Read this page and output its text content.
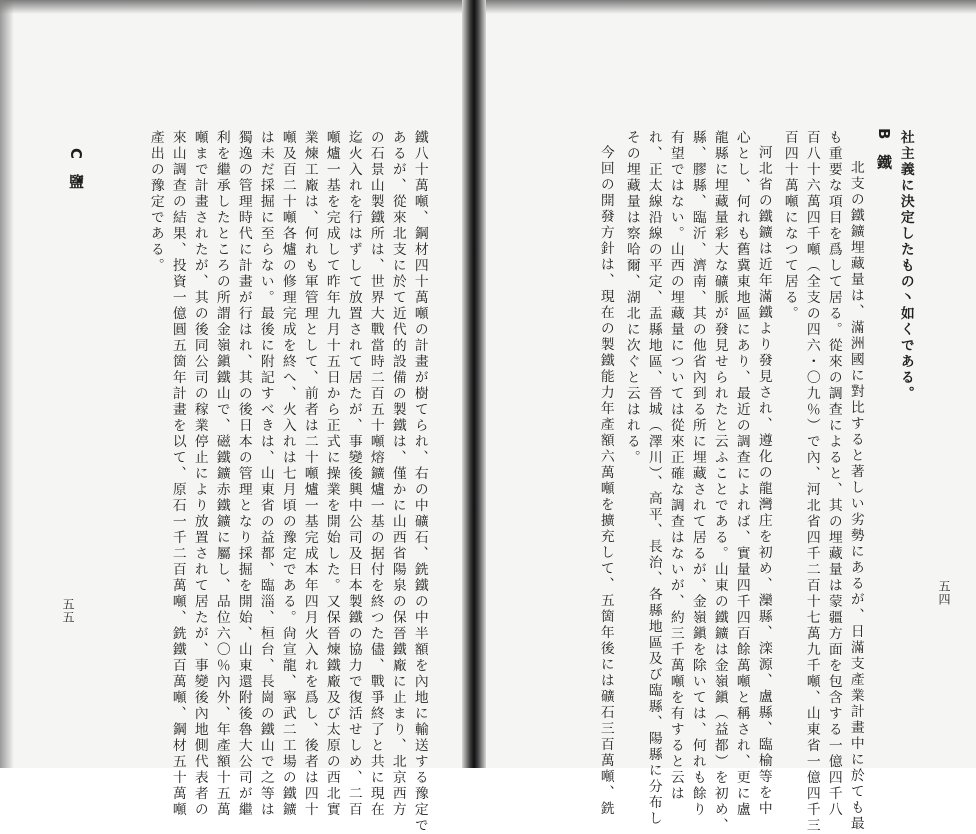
社主義に決定したもの丶如くである。
B　鐵
北支の鐵鑛埋藏量は、滿洲國に對比すると著しい劣勢にあるが、日滿支產業計畫中に於ても最
も重要な項目を爲して居る。從來の調查によると、其の埋藏量は蒙疆方面を包含する一億四千八
百八十六萬四千噸（全支の四六・〇九％）で內、河北省四千二百十七萬九千噸、山東省一億四千三
百四十萬噸になつて居る。
河北省の鐵鑛は近年滿鐵より發見され、遵化の龍灣庄を初め、灤縣、滦源、盧縣、臨榆等を中
心とし、何れも舊冀東地區にあり、最近の調查によれば、實量四千四百餘萬噸と稱され、更に盧
龍縣に埋藏量彩大な礦脈が發見せられたと云ふことである。山東の鐵鑛は金嶺鎭（益都）を初め、
縣、膠縣、臨沂、濟南、其の他省內到る所に埋藏されて居るが、金嶺鎭を除いては、何れも餘り
有望ではない。山西の埋藏量については從來正確な調查はないが、約三千萬噸を有すると云は
れ、正太線沿線の平定、盂縣地區、晉城（澤川）、高平、長治、各縣地區及び臨縣、陽縣に分布し
その埋藏量は察哈爾、湖北に次ぐと云はれる。
今回の開發方針は、現在の製鐵能力年產額六萬噸を擴充して、五箇年後には礦石三百萬噸、銑	五四
鐵八十萬噸、鋼材四十萬噸の計畫が樹てられ、右の中礦石、銑鐵の中半額を內地に輸送する豫定で
あるが、從來北支に於て近代的設備の製鐵は、僅かに山西省陽泉の保晉鐵廠に止まり、北京西方
の石景山製鐵所は、世界大戰當時二百五十噸熔鑛爐一基の据付を終つた儘、戰爭終了と共に現在
迄火入れを行はずして放置されて居たが、事變後興中公司及日本製鐵の協力で復活せしめ、二百
噸爐一基を完成して昨年九月十五日から正式に操業を開始した。又保晉煉鐵廠及び太原の西北實
業煉工廠は、何れも軍管理として、前者は二十噸爐一基完成本年四月火入れを爲し、後者は四十
噸及百二十噸各爐の修理完成を終へ、火入れは七月頃の豫定である。尙宣龍、寧武二工場の鐵鑛
は未だ採掘に至らない。最後に附記すべきは、山東省の益都、臨淄、桓台、長崗の鐵山で之等は
獨逸の管理時代に計畫が行はれ、其の後日本の管理となり採掘を開始、山東還附後魯大公司が繼
利を繼承したところの所謂金嶺鎭鐵山で、磁鐵鑛赤鐵鑛に屬し、品位六〇％內外、年產額十五萬
噸まで計畫されたが、其の後同公司の稼業停止により放置されて居たが、事變後內地側代表者の
來山調查の結果、投資一億圓五箇年計畫を以て、原石一千二百萬噸、銑鐵百萬噸、鋼材五十萬噸
產出の豫定である。
C　鹽
五五
